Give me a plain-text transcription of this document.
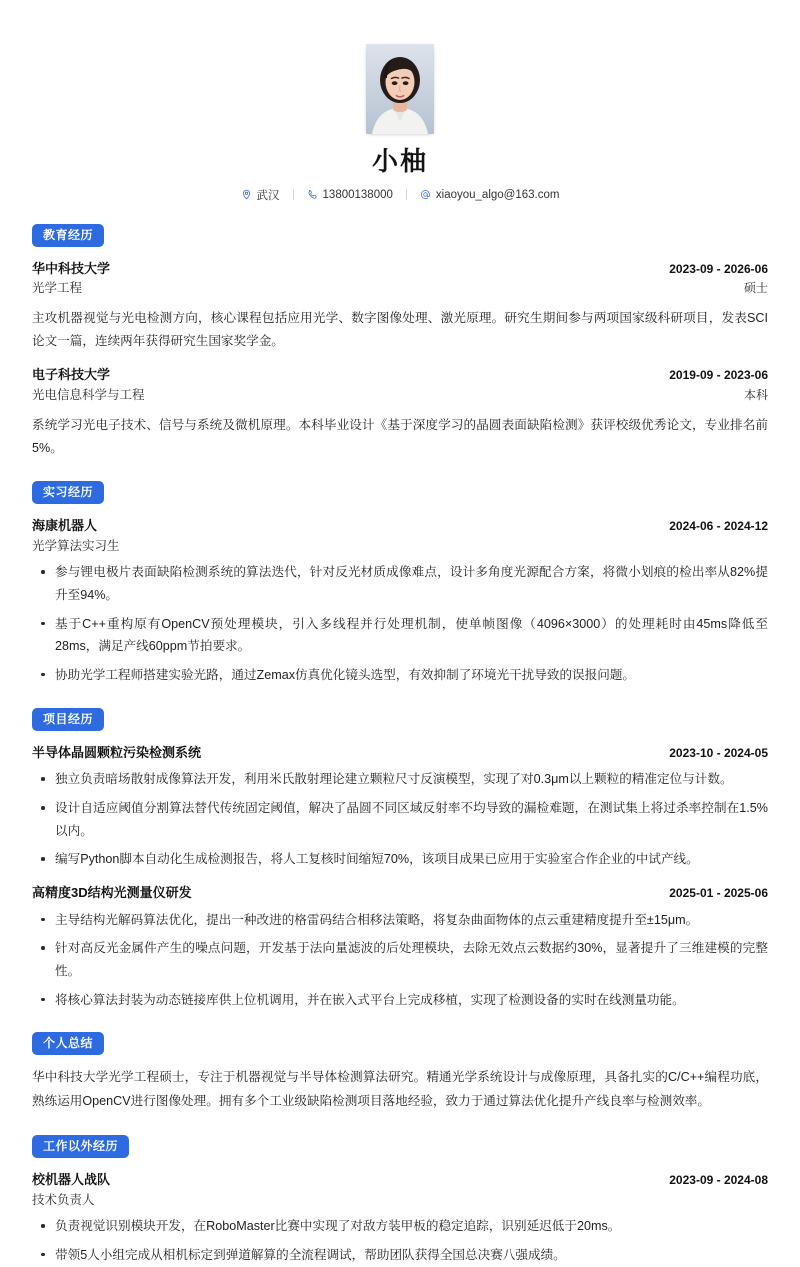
小柚
武汉	13800138000	xiaoyou_algo@163.com
教育经历
华中科技大学	2023-09 - 2026-06
光学工程	硕士
主攻机器视觉与光电检测方向，核心课程包括应用光学、数字图像处理、激光原理。研究生期间参与两项国家级科研项目，发表SCI论文一篇，连续两年获得研究生国家奖学金。
电子科技大学	2019-09 - 2023-06
光电信息科学与工程	本科
系统学习光电子技术、信号与系统及微机原理。本科毕业设计《基于深度学习的晶圆表面缺陷检测》获评校级优秀论文，专业排名前5%。
实习经历
海康机器人	2024-06 - 2024-12
光学算法实习生
参与锂电极片表面缺陷检测系统的算法迭代，针对反光材质成像难点，设计多角度光源配合方案，将微小划痕的检出率从82%提升至94%。
基于C++重构原有OpenCV预处理模块，引入多线程并行处理机制，使单帧图像（4096×3000）的处理耗时由45ms降低至28ms，满足产线60ppm节拍要求。
协助光学工程师搭建实验光路，通过Zemax仿真优化镜头选型，有效抑制了环境光干扰导致的误报问题。
项目经历
半导体晶圆颗粒污染检测系统	2023-10 - 2024-05
独立负责暗场散射成像算法开发，利用米氏散射理论建立颗粒尺寸反演模型，实现了对0.3μm以上颗粒的精准定位与计数。
设计自适应阈值分割算法替代传统固定阈值，解决了晶圆不同区域反射率不均导致的漏检难题，在测试集上将过杀率控制在1.5%以内。
编写Python脚本自动化生成检测报告，将人工复核时间缩短70%，该项目成果已应用于实验室合作企业的中试产线。
高精度3D结构光测量仪研发	2025-01 - 2025-06
主导结构光解码算法优化，提出一种改进的格雷码结合相移法策略，将复杂曲面物体的点云重建精度提升至±15μm。
针对高反光金属件产生的噪点问题，开发基于法向量滤波的后处理模块，去除无效点云数据约30%，显著提升了三维建模的完整性。
将核心算法封装为动态链接库供上位机调用，并在嵌入式平台上完成移植，实现了检测设备的实时在线测量功能。
个人总结
华中科技大学光学工程硕士，专注于机器视觉与半导体检测算法研究。精通光学系统设计与成像原理，具备扎实的C/C++编程功底，熟练运用OpenCV进行图像处理。拥有多个工业级缺陷检测项目落地经验，致力于通过算法优化提升产线良率与检测效率。
工作以外经历
校机器人战队	2023-09 - 2024-08
技术负责人
负责视觉识别模块开发，在RoboMaster比赛中实现了对敌方装甲板的稳定追踪，识别延迟低于20ms。
带领5人小组完成从相机标定到弹道解算的全流程调试，帮助团队获得全国总决赛八强成绩。
